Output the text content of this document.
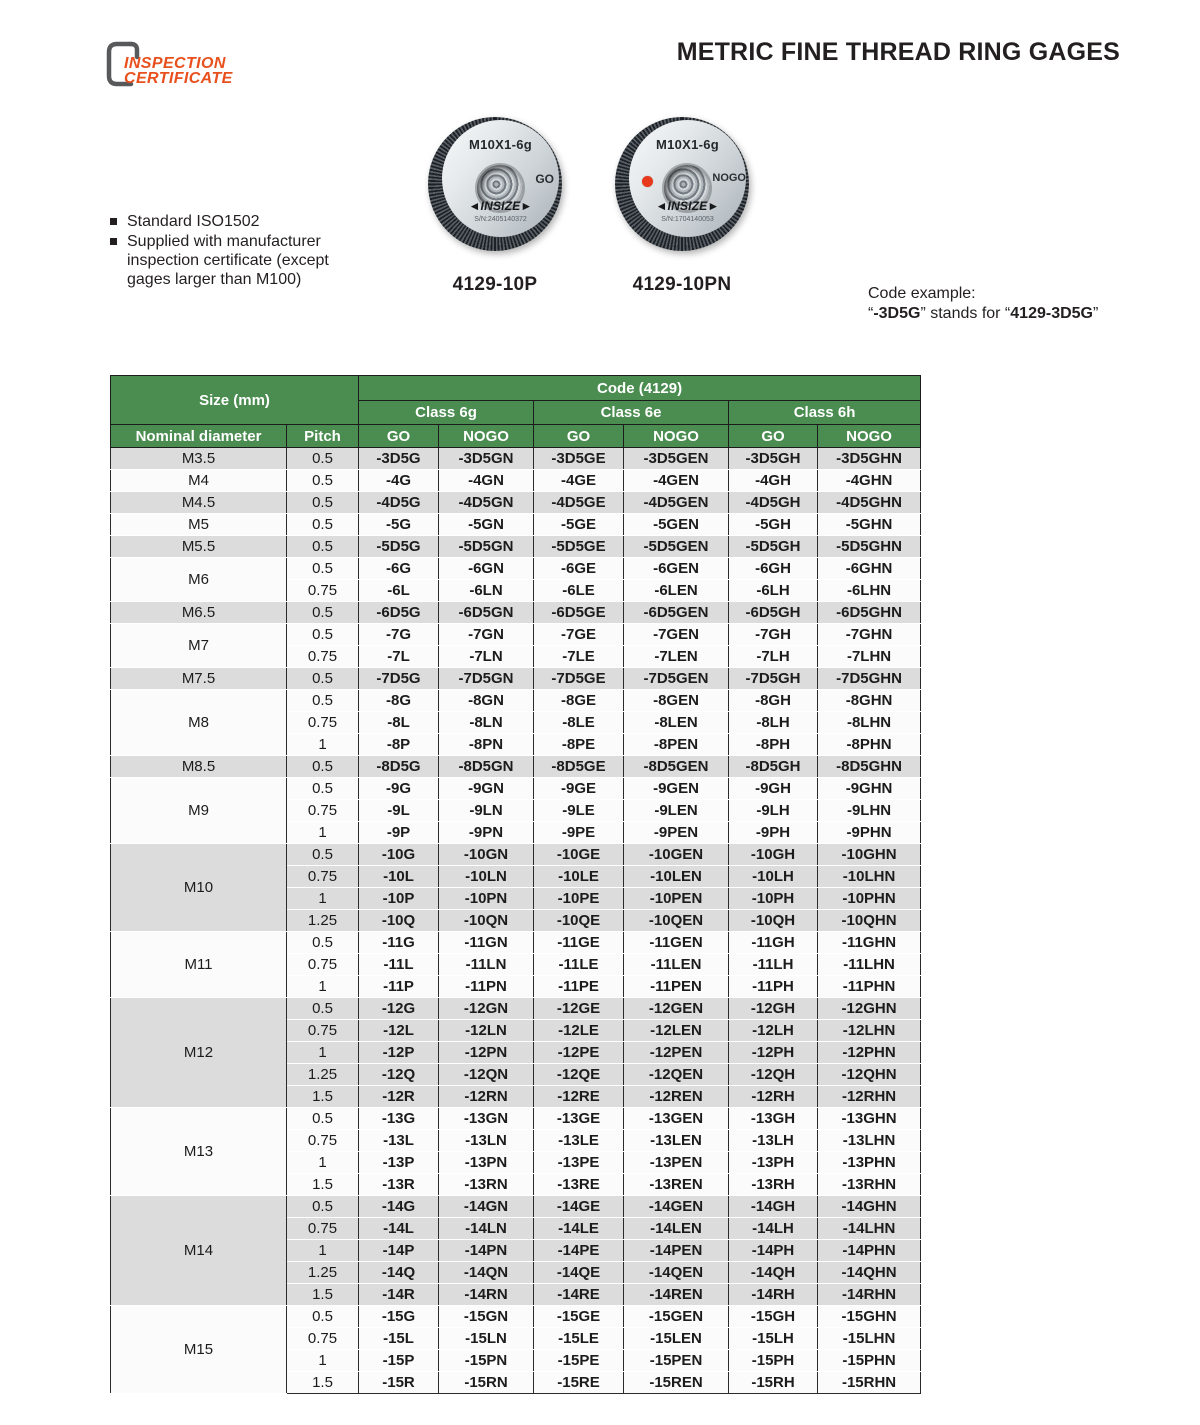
INSPECTION
CERTIFICATE
METRIC FINE THREAD RING GAGES
M10X1-6g
GO
◄INSIZE►
S/N:2405140372
4129-10P
M10X1-6g
NOGO
◄INSIZE►
S/N:1704140053
4129-10PN
Standard ISO1502
Supplied with manufacturer inspection certificate (except gages larger than M100)
Code example:
“-3D5G” stands for “4129-3D5G”
Size (mm)		Code (4129)					
		Class 6g		Class 6e		Class 6h	
Nominal diameter	Pitch	GO	NOGO	GO	NOGO	GO	NOGO
M3.5	0.5	-3D5G	-3D5GN	-3D5GE	-3D5GEN	-3D5GH	-3D5GHN
M4	0.5	-4G	-4GN	-4GE	-4GEN	-4GH	-4GHN
M4.5	0.5	-4D5G	-4D5GN	-4D5GE	-4D5GEN	-4D5GH	-4D5GHN
M5	0.5	-5G	-5GN	-5GE	-5GEN	-5GH	-5GHN
M5.5	0.5	-5D5G	-5D5GN	-5D5GE	-5D5GEN	-5D5GH	-5D5GHN
M6	0.5	-6G	-6GN	-6GE	-6GEN	-6GH	-6GHN
	0.75	-6L	-6LN	-6LE	-6LEN	-6LH	-6LHN
M6.5	0.5	-6D5G	-6D5GN	-6D5GE	-6D5GEN	-6D5GH	-6D5GHN
M7	0.5	-7G	-7GN	-7GE	-7GEN	-7GH	-7GHN
	0.75	-7L	-7LN	-7LE	-7LEN	-7LH	-7LHN
M7.5	0.5	-7D5G	-7D5GN	-7D5GE	-7D5GEN	-7D5GH	-7D5GHN
M8	0.5	-8G	-8GN	-8GE	-8GEN	-8GH	-8GHN
	0.75	-8L	-8LN	-8LE	-8LEN	-8LH	-8LHN
	1	-8P	-8PN	-8PE	-8PEN	-8PH	-8PHN
M8.5	0.5	-8D5G	-8D5GN	-8D5GE	-8D5GEN	-8D5GH	-8D5GHN
M9	0.5	-9G	-9GN	-9GE	-9GEN	-9GH	-9GHN
	0.75	-9L	-9LN	-9LE	-9LEN	-9LH	-9LHN
	1	-9P	-9PN	-9PE	-9PEN	-9PH	-9PHN
M10	0.5	-10G	-10GN	-10GE	-10GEN	-10GH	-10GHN
	0.75	-10L	-10LN	-10LE	-10LEN	-10LH	-10LHN
	1	-10P	-10PN	-10PE	-10PEN	-10PH	-10PHN
	1.25	-10Q	-10QN	-10QE	-10QEN	-10QH	-10QHN
M11	0.5	-11G	-11GN	-11GE	-11GEN	-11GH	-11GHN
	0.75	-11L	-11LN	-11LE	-11LEN	-11LH	-11LHN
	1	-11P	-11PN	-11PE	-11PEN	-11PH	-11PHN
M12	0.5	-12G	-12GN	-12GE	-12GEN	-12GH	-12GHN
	0.75	-12L	-12LN	-12LE	-12LEN	-12LH	-12LHN
	1	-12P	-12PN	-12PE	-12PEN	-12PH	-12PHN
	1.25	-12Q	-12QN	-12QE	-12QEN	-12QH	-12QHN
	1.5	-12R	-12RN	-12RE	-12REN	-12RH	-12RHN
M13	0.5	-13G	-13GN	-13GE	-13GEN	-13GH	-13GHN
	0.75	-13L	-13LN	-13LE	-13LEN	-13LH	-13LHN
	1	-13P	-13PN	-13PE	-13PEN	-13PH	-13PHN
	1.5	-13R	-13RN	-13RE	-13REN	-13RH	-13RHN
M14	0.5	-14G	-14GN	-14GE	-14GEN	-14GH	-14GHN
	0.75	-14L	-14LN	-14LE	-14LEN	-14LH	-14LHN
	1	-14P	-14PN	-14PE	-14PEN	-14PH	-14PHN
	1.25	-14Q	-14QN	-14QE	-14QEN	-14QH	-14QHN
	1.5	-14R	-14RN	-14RE	-14REN	-14RH	-14RHN
M15	0.5	-15G	-15GN	-15GE	-15GEN	-15GH	-15GHN
	0.75	-15L	-15LN	-15LE	-15LEN	-15LH	-15LHN
	1	-15P	-15PN	-15PE	-15PEN	-15PH	-15PHN
	1.5	-15R	-15RN	-15RE	-15REN	-15RH	-15RHN
